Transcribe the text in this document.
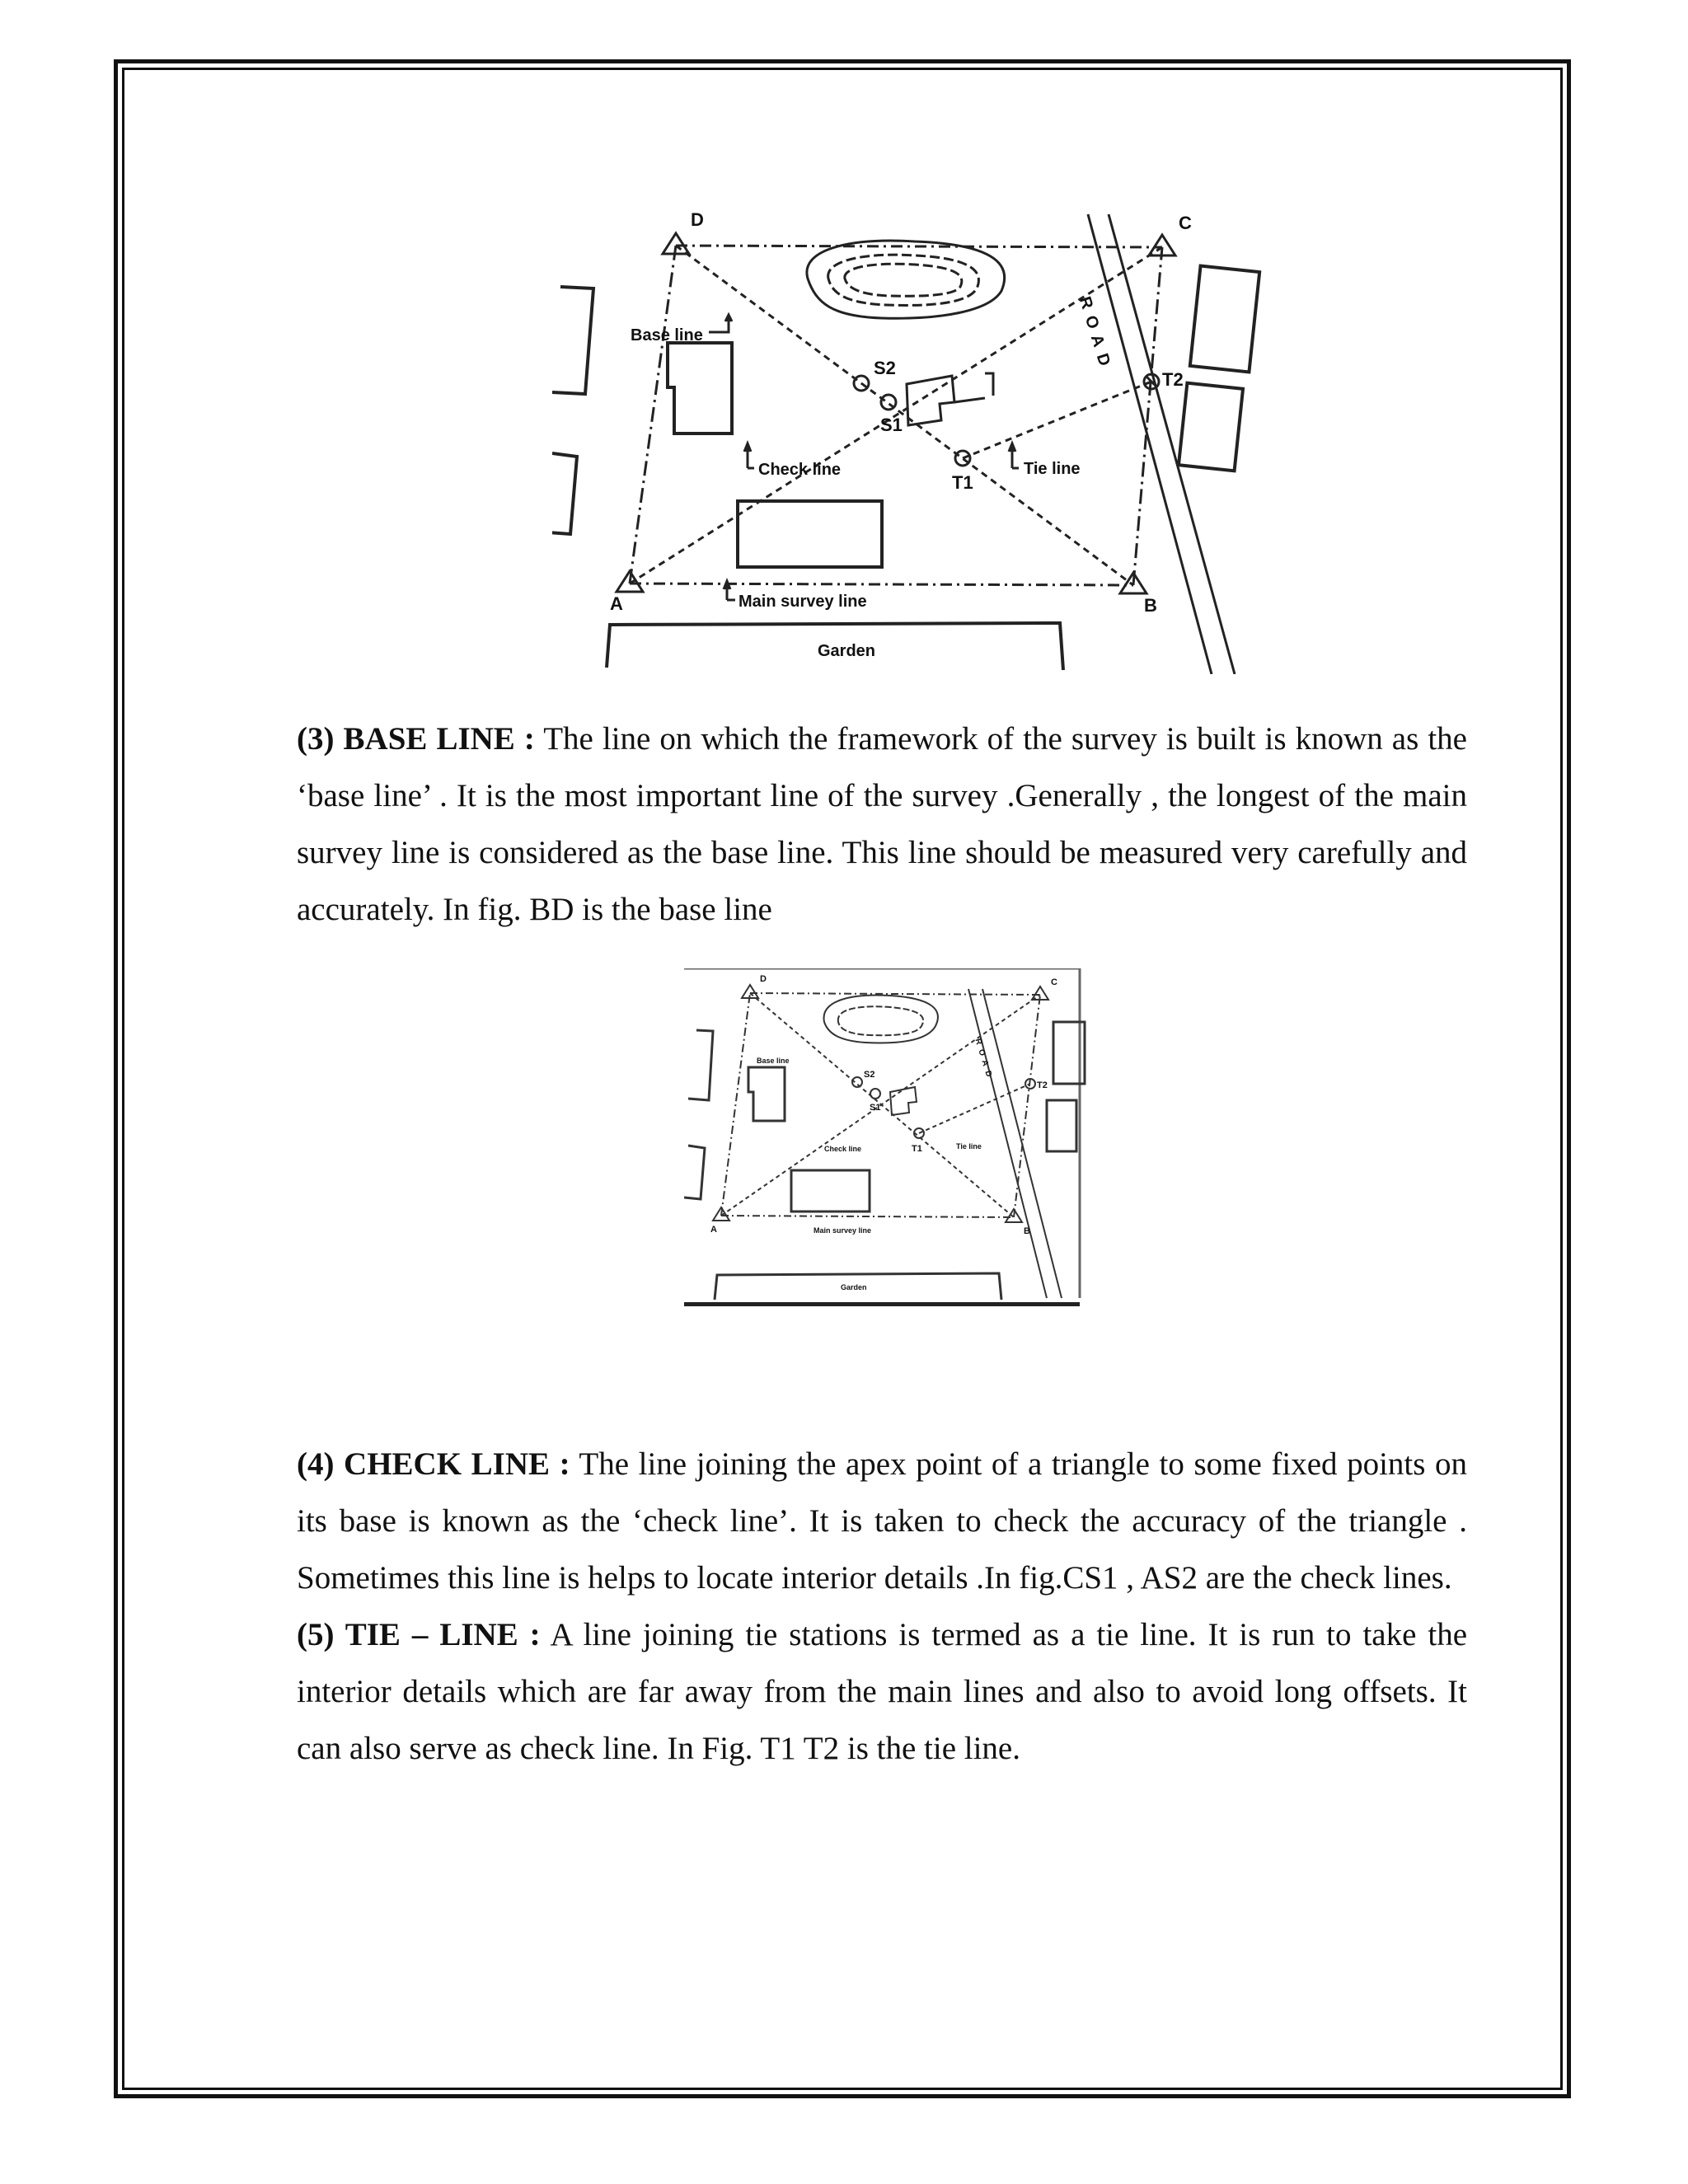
D	C
A	B
S2
S1
T1
T2
Base line
Check line	Tie line
Main survey line
Garden
R
O
A
D

(3) BASE LINE : The line on which the framework of the survey is built is known as the ‘base line’ . It is the most important line of the survey .Generally , the longest of the main survey line is considered as the base line. This line should be measured very carefully and accurately. In fig. BD is the base line

D	C
A	B
S2
S1
T1
T2
Base line
Check line	Tie line
Main survey line
Garden
R
O
A
D

(4) CHECK LINE : The line joining the apex point of a triangle to some fixed points on its base is known as the ‘check line’. It is taken to check the accuracy of the triangle . Sometimes this line is helps to locate interior details .In fig.CS1 , AS2 are the check lines.

(5) TIE – LINE : A line joining tie stations is termed as a tie line. It is run to take the interior details which are far away from the main lines and also to avoid long offsets. It can also serve as check line. In Fig. T1 T2 is the tie line.
